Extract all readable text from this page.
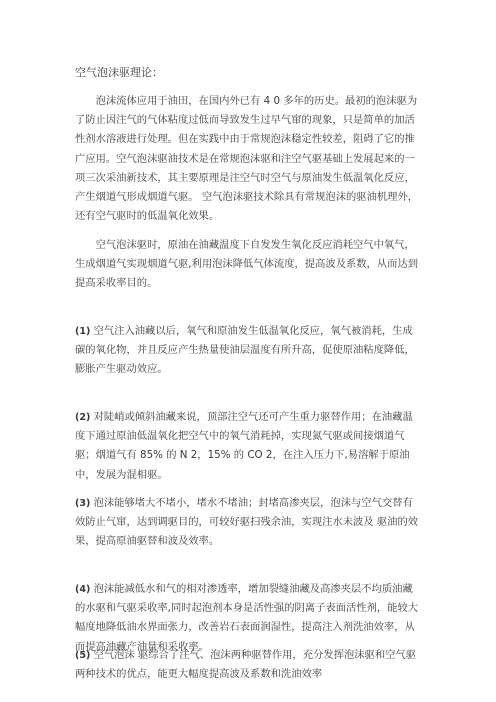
空气泡沫驱理论：

泡沫流体应用于油田，在国内外已有 4 0 多年的历史。最初的泡沫驱为了防止因注气的气体粘度过低而导致发生过早气窜的现象，只是简单的加活性剂水溶液进行处理。但在实践中由于常规泡沫稳定性较差，阻碍了它的推广应用。空气泡沫驱油技术是在常规泡沫驱和注空气驱基础上发展起来的一项三次采油新技术，其主要原理是注空气时空气与原油发生低温氧化反应，产生烟道气形成烟道气驱。 空气泡沫驱技术除具有常规泡沫的驱油机理外，还有空气驱时的低温氧化效果。

空气泡沫驱时，原油在油藏温度下自发发生氧化反应消耗空气中氧气，生成烟道气实现烟道气驱,利用泡沫降低气体流度，提高波及系数，从而达到提高采收率目的。

(1) 空气注入油藏以后，氧气和原油发生低温氧化反应，氧气被消耗，生成碳的氧化物，并且反应产生热量使油层温度有所升高，促使原油粘度降低，膨胀产生驱动效应。

(2) 对陡峭或倾斜油藏来说，顶部注空气还可产生重力驱替作用；在油藏温度下通过原油低温氧化把空气中的氧气消耗掉，实现氮气驱或间接烟道气驱；烟道气有 85% 的 N 2，15% 的 CO 2，在注入压力下,易溶解于原油中，发展为混相驱。

(3) 泡沫能够堵大不堵小，堵水不堵油；封堵高渗夹层，泡沫与空气交替有效防止气窜，达到调驱目的，可较好驱扫残余油，实现注水未波及 驱油的效果，提高原油驱替和波及效率。

(4) 泡沫能减低水和气的相对渗透率，增加裂缝油藏及高渗夹层不均质油藏的水驱和气驱采收率,同时起泡剂本身是活性强的阴离子表面活性剂，能较大幅度地降低油水界面张力，改善岩石表面润湿性，提高注入剂洗油效率，从而提高油藏产油量和采收率。

(5) 空气泡沫 驱综合了注气、泡沫两种驱替作用，充分发挥泡沫驱和空气驱两种技术的优点，能更大幅度提高波及系数和洗油效率
